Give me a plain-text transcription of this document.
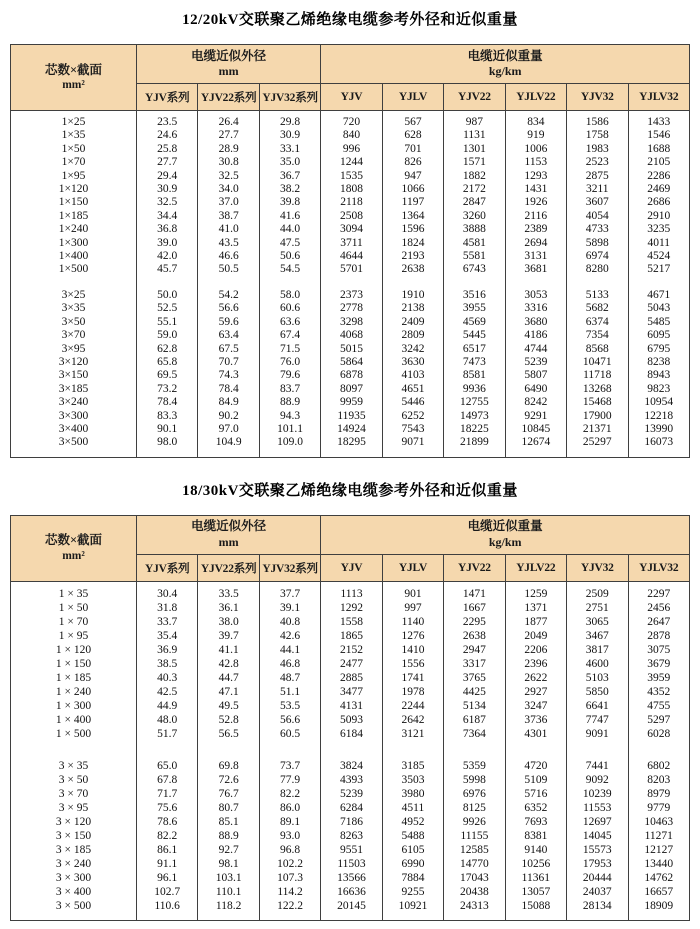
12/20kV交联聚乙烯绝缘电缆参考外径和近似重量
芯数×截面
mm²

电缆近似外径
mm

电缆近似重量
kg/km

	YJV系列	YJV22系列	YJV32系列	YJV	YJLV	YJV22	YJLV22	YJV32	YJLV32

1×25	23.5	26.4	29.8	720	567	987	834	1586	1433
1×35	24.6	27.7	30.9	840	628	1131	919	1758	1546
1×50	25.8	28.9	33.1	996	701	1301	1006	1983	1688
1×70	27.7	30.8	35.0	1244	826	1571	1153	2523	2105
1×95	29.4	32.5	36.7	1535	947	1882	1293	2875	2286
1×120	30.9	34.0	38.2	1808	1066	2172	1431	3211	2469
1×150	32.5	37.0	39.8	2118	1197	2847	1926	3607	2686
1×185	34.4	38.7	41.6	2508	1364	3260	2116	4054	2910
1×240	36.8	41.0	44.0	3094	1596	3888	2389	4733	3235
1×300	39.0	43.5	47.5	3711	1824	4581	2694	5898	4011
1×400	42.0	46.6	50.6	4644	2193	5581	3131	6974	4524
1×500	45.7	50.5	54.5	5701	2638	6743	3681	8280	5217

3×25	50.0	54.2	58.0	2373	1910	3516	3053	5133	4671
3×35	52.5	56.6	60.6	2778	2138	3955	3316	5682	5043
3×50	55.1	59.6	63.6	3298	2409	4569	3680	6374	5485
3×70	59.0	63.4	67.4	4068	2809	5445	4186	7354	6095
3×95	62.8	67.5	71.5	5015	3242	6517	4744	8568	6795
3×120	65.8	70.7	76.0	5864	3630	7473	5239	10471	8238
3×150	69.5	74.3	79.6	6878	4103	8581	5807	11718	8943
3×185	73.2	78.4	83.7	8097	4651	9936	6490	13268	9823
3×240	78.4	84.9	88.9	9959	5446	12755	8242	15468	10954
3×300	83.3	90.2	94.3	11935	6252	14973	9291	17900	12218
3×400	90.1	97.0	101.1	14924	7543	18225	10845	21371	13990
3×500	98.0	104.9	109.0	18295	9071	21899	12674	25297	16073

18/30kV交联聚乙烯绝缘电缆参考外径和近似重量
芯数×截面
mm²

电缆近似外径
mm

电缆近似重量
kg/km

	YJV系列	YJV22系列	YJV32系列	YJV	YJLV	YJV22	YJLV22	YJV32	YJLV32

1 × 35	30.4	33.5	37.7	1113	901	1471	1259	2509	2297
1 × 50	31.8	36.1	39.1	1292	997	1667	1371	2751	2456
1 × 70	33.7	38.0	40.8	1558	1140	2295	1877	3065	2647
1 × 95	35.4	39.7	42.6	1865	1276	2638	2049	3467	2878
1 × 120	36.9	41.1	44.1	2152	1410	2947	2206	3817	3075
1 × 150	38.5	42.8	46.8	2477	1556	3317	2396	4600	3679
1 × 185	40.3	44.7	48.7	2885	1741	3765	2622	5103	3959
1 × 240	42.5	47.1	51.1	3477	1978	4425	2927	5850	4352
1 × 300	44.9	49.5	53.5	4131	2244	5134	3247	6641	4755
1 × 400	48.0	52.8	56.6	5093	2642	6187	3736	7747	5297
1 × 500	51.7	56.5	60.5	6184	3121	7364	4301	9091	6028

3 × 35	65.0	69.8	73.7	3824	3185	5359	4720	7441	6802
3 × 50	67.8	72.6	77.9	4393	3503	5998	5109	9092	8203
3 × 70	71.7	76.7	82.2	5239	3980	6976	5716	10239	8979
3 × 95	75.6	80.7	86.0	6284	4511	8125	6352	11553	9779
3 × 120	78.6	85.1	89.1	7186	4952	9926	7693	12697	10463
3 × 150	82.2	88.9	93.0	8263	5488	11155	8381	14045	11271
3 × 185	86.1	92.7	96.8	9551	6105	12585	9140	15573	12127
3 × 240	91.1	98.1	102.2	11503	6990	14770	10256	17953	13440
3 × 300	96.1	103.1	107.3	13566	7884	17043	11361	20444	14762
3 × 400	102.7	110.1	114.2	16636	9255	20438	13057	24037	16657
3 × 500	110.6	118.2	122.2	20145	10921	24313	15088	28134	18909
